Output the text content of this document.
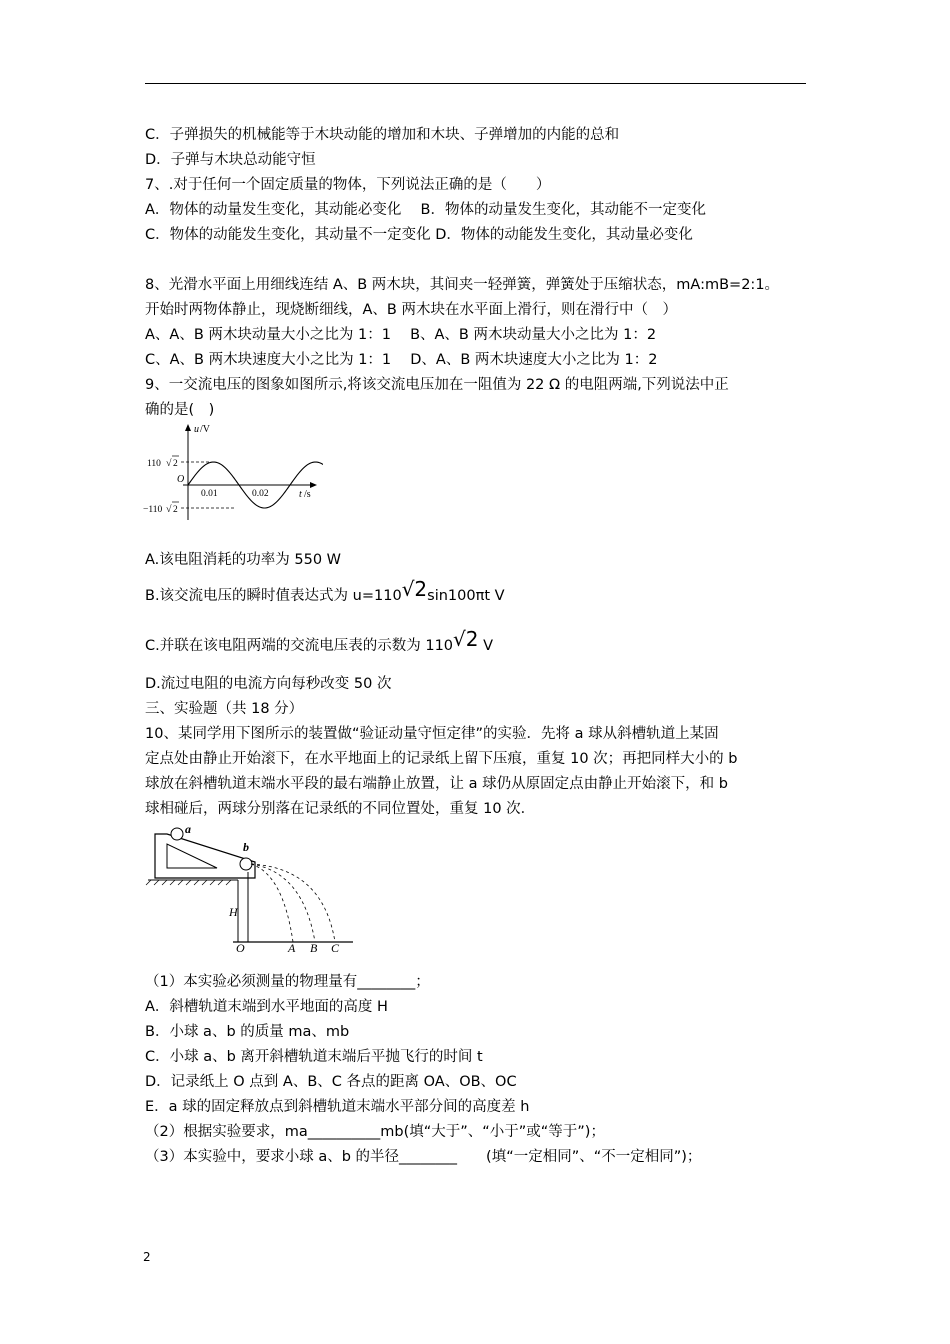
C．子弹损失的机械能等于木块动能的增加和木块、子弹增加的内能的总和
D．子弹与木块总动能守恒
7、.对于任何一个固定质量的物体，下列说法正确的是（　　）
A．物体的动量发生变化，其动能必变化　 B．物体的动量发生变化，其动能不一定变化
C．物体的动能发生变化，其动量不一定变化 D．物体的动能发生变化，其动量必变化
8、光滑水平面上用细线连结 A、B 两木块，其间夹一轻弹簧，弹簧处于压缩状态，mA:mB=2:1。
开始时两物体静止，现烧断细线，A、B 两木块在水平面上滑行，则在滑行中（　）
A、A、B 两木块动量大小之比为 1：1　 B、A、B 两木块动量大小之比为 1：2
C、A、B 两木块速度大小之比为 1：1　 D、A、B 两木块速度大小之比为 1：2
9、一交流电压的图象如图所示,将该交流电压加在一阻值为 22 Ω 的电阻两端,下列说法中正
确的是(　)
u /V
110 √ 2
−110 √ 2
O
0.01	0.02	t /s
A.该电阻消耗的功率为 550 W
B.该交流电压的瞬时值表达式为 u=110√2sin100πt V
C.并联在该电阻两端的交流电压表的示数为 110√2 V
D.流过电阻的电流方向每秒改变 50 次
三、实验题（共 18 分）
10、某同学用下图所示的装置做“验证动量守恒定律”的实验．先将 a 球从斜槽轨道上某固
定点处由静止开始滚下，在水平地面上的记录纸上留下压痕，重复 10 次；再把同样大小的 b
球放在斜槽轨道末端水平段的最右端静止放置，让 a 球仍从原固定点由静止开始滚下，和 b
球相碰后，两球分别落在记录纸的不同位置处，重复 10 次．
a
b
H
O	A B C
（1）本实验必须测量的物理量有________；
A．斜槽轨道末端到水平地面的高度 H
B．小球 a、b 的质量 ma、mb
C．小球 a、b 离开斜槽轨道末端后平抛飞行的时间 t
D．记录纸上 O 点到 A、B、C 各点的距离 OA、OB、OC
E．a 球的固定释放点到斜槽轨道末端水平部分间的高度差 h
（2）根据实验要求，ma__________mb(填“大于”、“小于”或“等于”)；
（3）本实验中，要求小球 a、b 的半径________　　(填“一定相同”、“不一定相同”)；
2
